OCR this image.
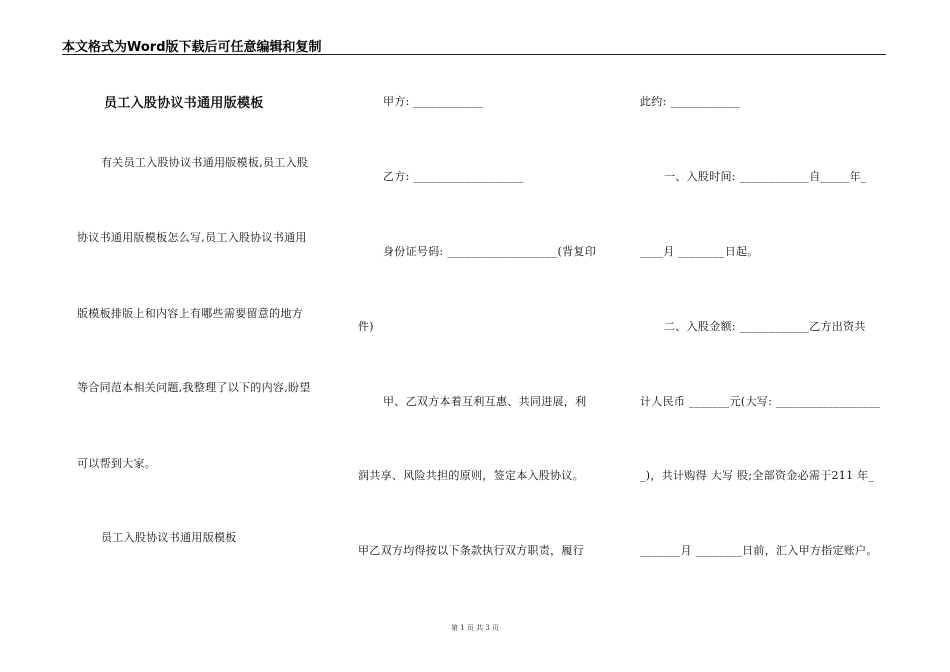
本文格式为Word版下载后可任意编辑和复制
员工入股协议书通用版模板
有关员工入股协议书通用版模板,员工入股
协议书通用版模板怎么写,员工入股协议书通用
版模板排版上和内容上有哪些需要留意的地方
等合同范本相关问题,我整理了以下的内容,盼望
可以帮到大家。
员工入股协议书通用版模板
甲方: ____________
乙方: ___________________
身份证号码: ___________________(背复印
件)
甲、乙双方本着互利互惠、共同进展，利
润共享、风险共担的原则，签定本入股协议。
甲乙双方均得按以下条款执行双方职责，履行
此约: ____________
一、入股时间: ____________自_____年_
____月 ________日起。
二、入股金额: ____________乙方出资共
计人民币 _______元(大写: __________________
_)，共计购得 大写 股;全部资金必需于211 年_
_______月 ________日前，汇入甲方指定账户。
第 1 页 共 3 页
